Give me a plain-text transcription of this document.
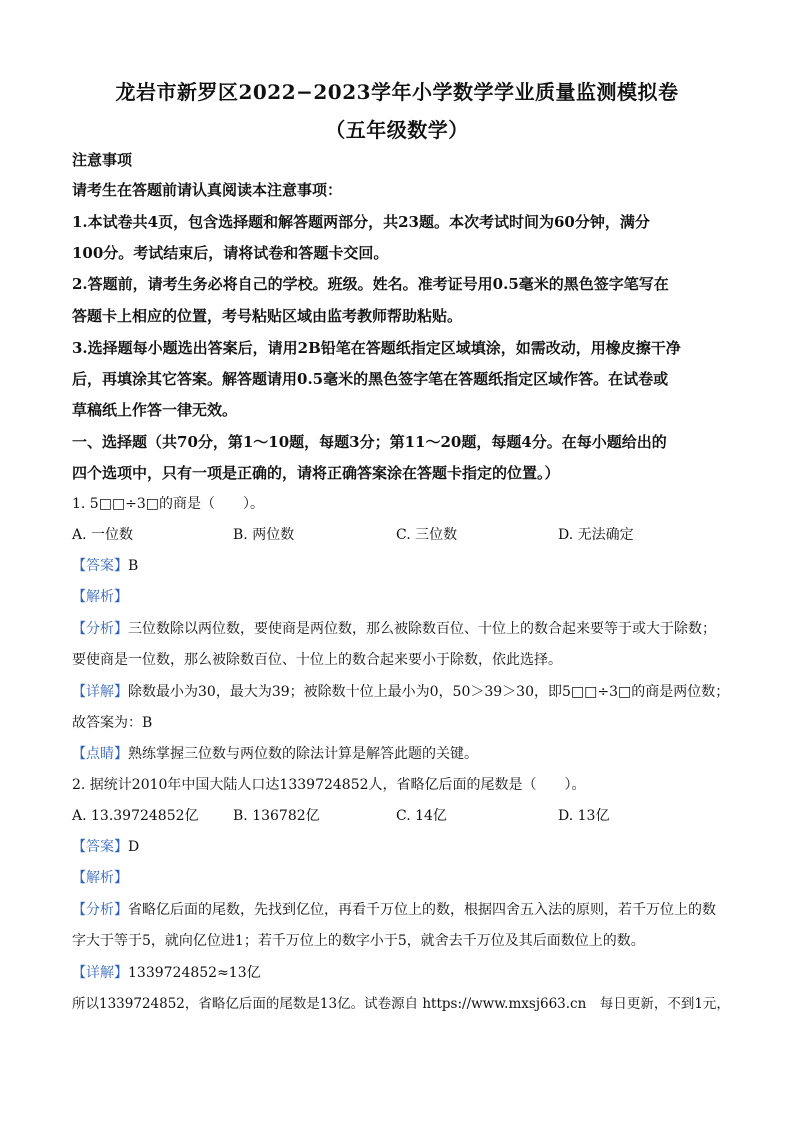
龙岩市新罗区2022−2023学年小学数学学业质量监测模拟卷
（五年级数学）
注意事项
请考生在答题前请认真阅读本注意事项：
1.本试卷共4页，包含选择题和解答题两部分，共23题。本次考试时间为60分钟，满分
100分。考试结束后，请将试卷和答题卡交回。
2.答题前，请考生务必将自己的学校。班级。姓名。准考证号用0.5毫米的黑色签字笔写在
答题卡上相应的位置，考号粘贴区域由监考教师帮助粘贴。
3.选择题每小题选出答案后，请用2B铅笔在答题纸指定区域填涂，如需改动，用橡皮擦干净
后，再填涂其它答案。解答题请用0.5毫米的黑色签字笔在答题纸指定区域作答。在试卷或
草稿纸上作答一律无效。
一、选择题（共70分，第1～10题，每题3分；第11～20题，每题4分。在每小题给出的
四个选项中，只有一项是正确的，请将正确答案涂在答题卡指定的位置。）
1. 5□□÷3□的商是（　　）。
A. 一位数	B. 两位数	C. 三位数	D. 无法确定
【答案】B
【解析】
【分析】三位数除以两位数，要使商是两位数，那么被除数百位、十位上的数合起来要等于或大于除数；
要使商是一位数，那么被除数百位、十位上的数合起来要小于除数，依此选择。
【详解】除数最小为30，最大为39；被除数十位上最小为0，50＞39＞30，即5□□÷3□的商是两位数；
故答案为：B
【点睛】熟练掌握三位数与两位数的除法计算是解答此题的关键。
2. 据统计2010年中国大陆人口达1339724852人，省略亿后面的尾数是（　　）。
A. 13.39724852亿 B. 136782亿	C. 14亿	D. 13亿
【答案】D
【解析】
【分析】省略亿后面的尾数，先找到亿位，再看千万位上的数，根据四舍五入法的原则，若千万位上的数
字大于等于5，就向亿位进1；若千万位上的数字小于5，就舍去千万位及其后面数位上的数。
【详解】1339724852≈13亿
所以1339724852，省略亿后面的尾数是13亿。试卷源自 https://www.mxsj663.cn　每日更新，不到1元，
